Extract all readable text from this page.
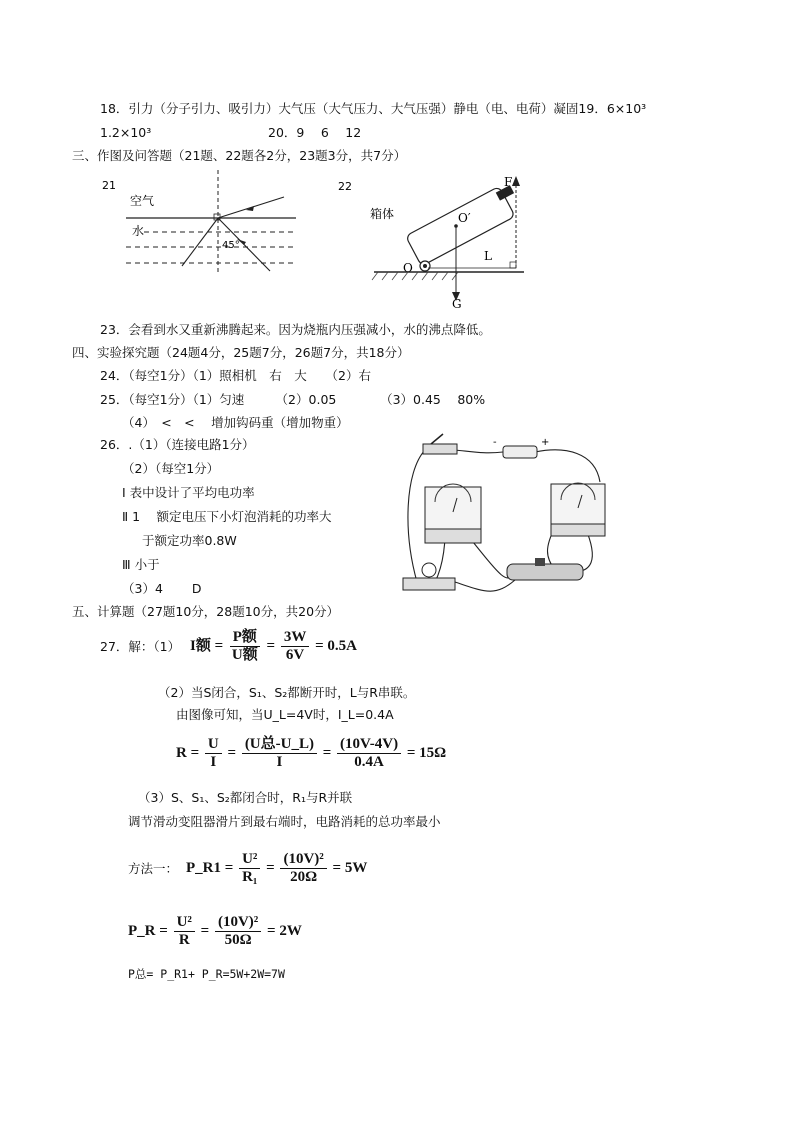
18．引力（分子引力、吸引力）大气压（大气压力、大气压强）静电（电、电荷）凝固19．6×10³
1.2×10³	20．9　 6　 12
三、作图及问答题（21题、22题各2分，23题3分，共7分）
21
空气
水
45°
22
箱体
O
O′
G
F
L
23．会看到水又重新沸腾起来。因为烧瓶内压强减小，水的沸点降低。
四、实验探究题（24题4分，25题7分，26题7分，共18分）
24．（每空1分）（1）照相机　右　大　　（2）右
25．（每空1分）（1）匀速　　　（2）0.05　　　　（3）0.45　 80%
（4）　<　<　 增加钩码重（增加物重）
26．.（1）（连接电路1分）
（2）（每空1分）
Ⅰ 表中设计了平均电功率
Ⅱ 1　 额定电压下小灯泡消耗的功率大
于额定功率0.8W
Ⅲ 小于
（3）4　　 D
-	+
五、计算题（27题10分，28题10分，共20分）
27．解：（1） I额 = $\frac{\text{P额}}{\text{U额}} = \frac{3W}{6V} = 0.5A$
（2）当S闭合，S₁、S₂都断开时，L与R串联。
由图像可知，当U_L=4V时，I_L=0.4A
$R = \frac{U}{I} = \frac{\text{(U总-U\_L)}}{I} = \frac{(10V-4V)}{0.4A} = 15\Omega$
（3）S、S₁、S₂都闭合时，R₁与R并联
调节滑动变阻器滑片到最右端时，电路消耗的总功率最小
方法一： P_R1 = $\frac{\text{U²}}{\text{R₁}} = \frac{\text{(10V)²}}{20\Omega} = 5W$
P_R = $\frac{\text{U²}}{R} = \frac{\text{(10V)²}}{50\Omega} = 2W$
P总= P_R1+ P_R=5W+2W=7W
